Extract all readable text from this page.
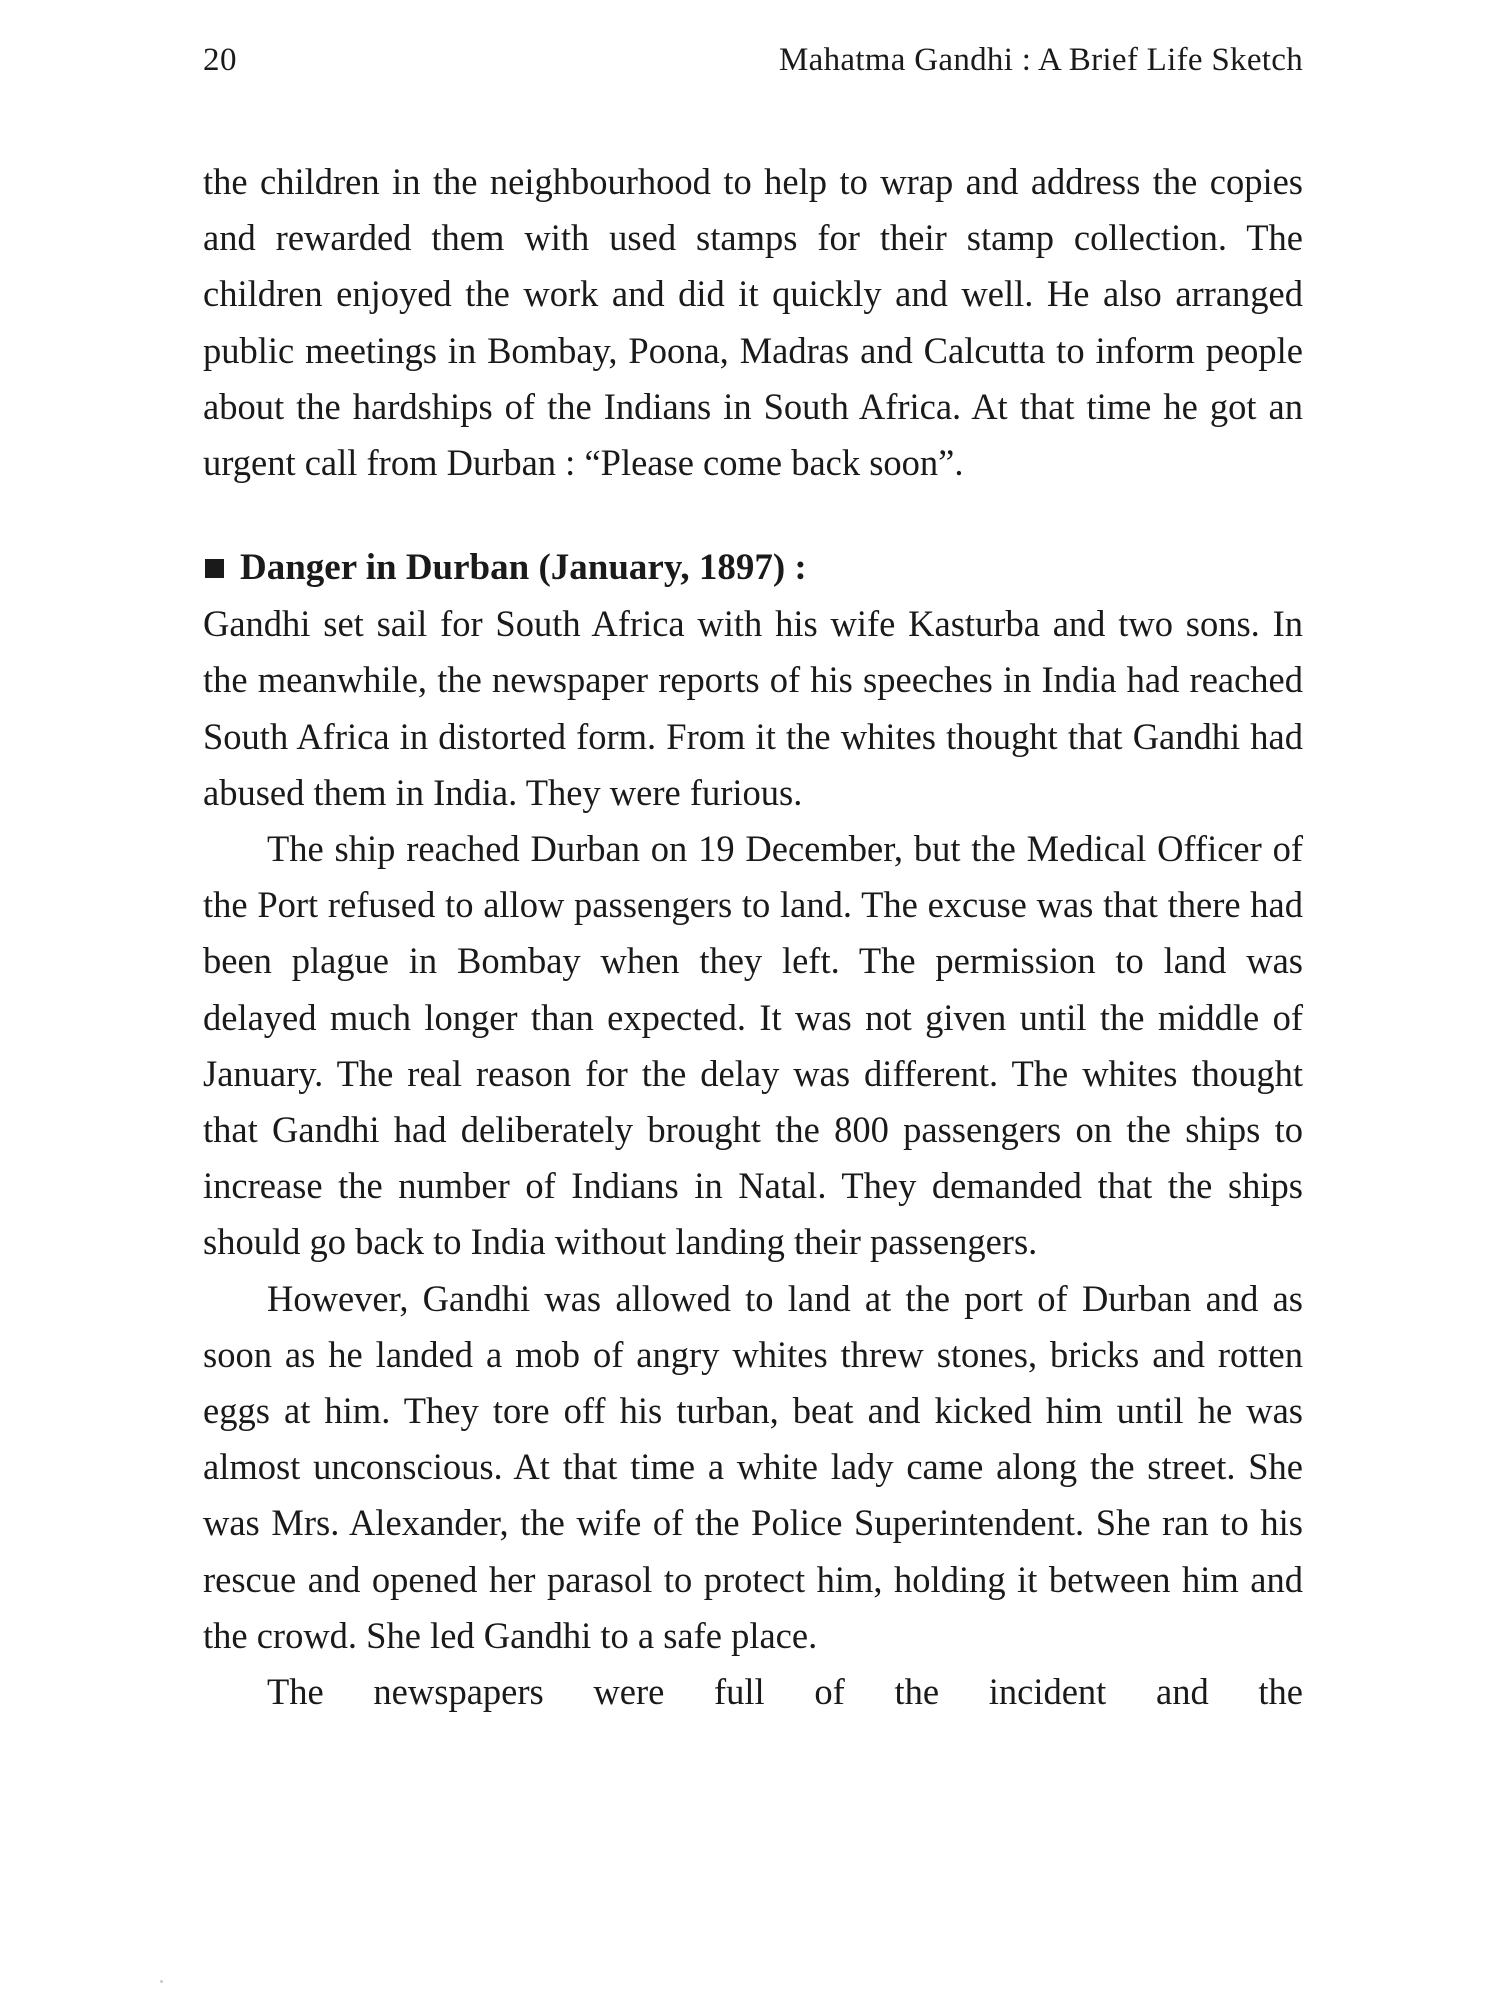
20	Mahatma Gandhi : A Brief Life Sketch

the children in the neighbourhood to help to wrap and address the copies and rewarded them with used stamps for their stamp collection. The children enjoyed the work and did it quickly and well. He also arranged public meetings in Bombay, Poona, Madras and Calcutta to inform people about the hardships of the Indians in South Africa. At that time he got an urgent call from Durban : “Please come back soon”.

Danger in Durban (January, 1897) :

Gandhi set sail for South Africa with his wife Kasturba and two sons. In the meanwhile, the newspaper reports of his speeches in India had reached South Africa in distorted form. From it the whites thought that Gandhi had abused them in India. They were furious.

The ship reached Durban on 19 December, but the Medical Officer of the Port refused to allow passengers to land. The excuse was that there had been plague in Bombay when they left. The permission to land was delayed much longer than expected. It was not given until the middle of January. The real reason for the delay was different. The whites thought that Gandhi had deliberately brought the 800 passengers on the ships to increase the number of Indians in Natal. They demanded that the ships should go back to India without landing their passengers.

However, Gandhi was allowed to land at the port of Durban and as soon as he landed a mob of angry whites threw stones, bricks and rotten eggs at him. They tore off his turban, beat and kicked him until he was almost unconscious. At that time a white lady came along the street. She was Mrs. Alexander, the wife of the Police Superintendent. She ran to his rescue and opened her parasol to protect him, holding it between him and the crowd. She led Gandhi to a safe place.

The newspapers were full of the incident and the
